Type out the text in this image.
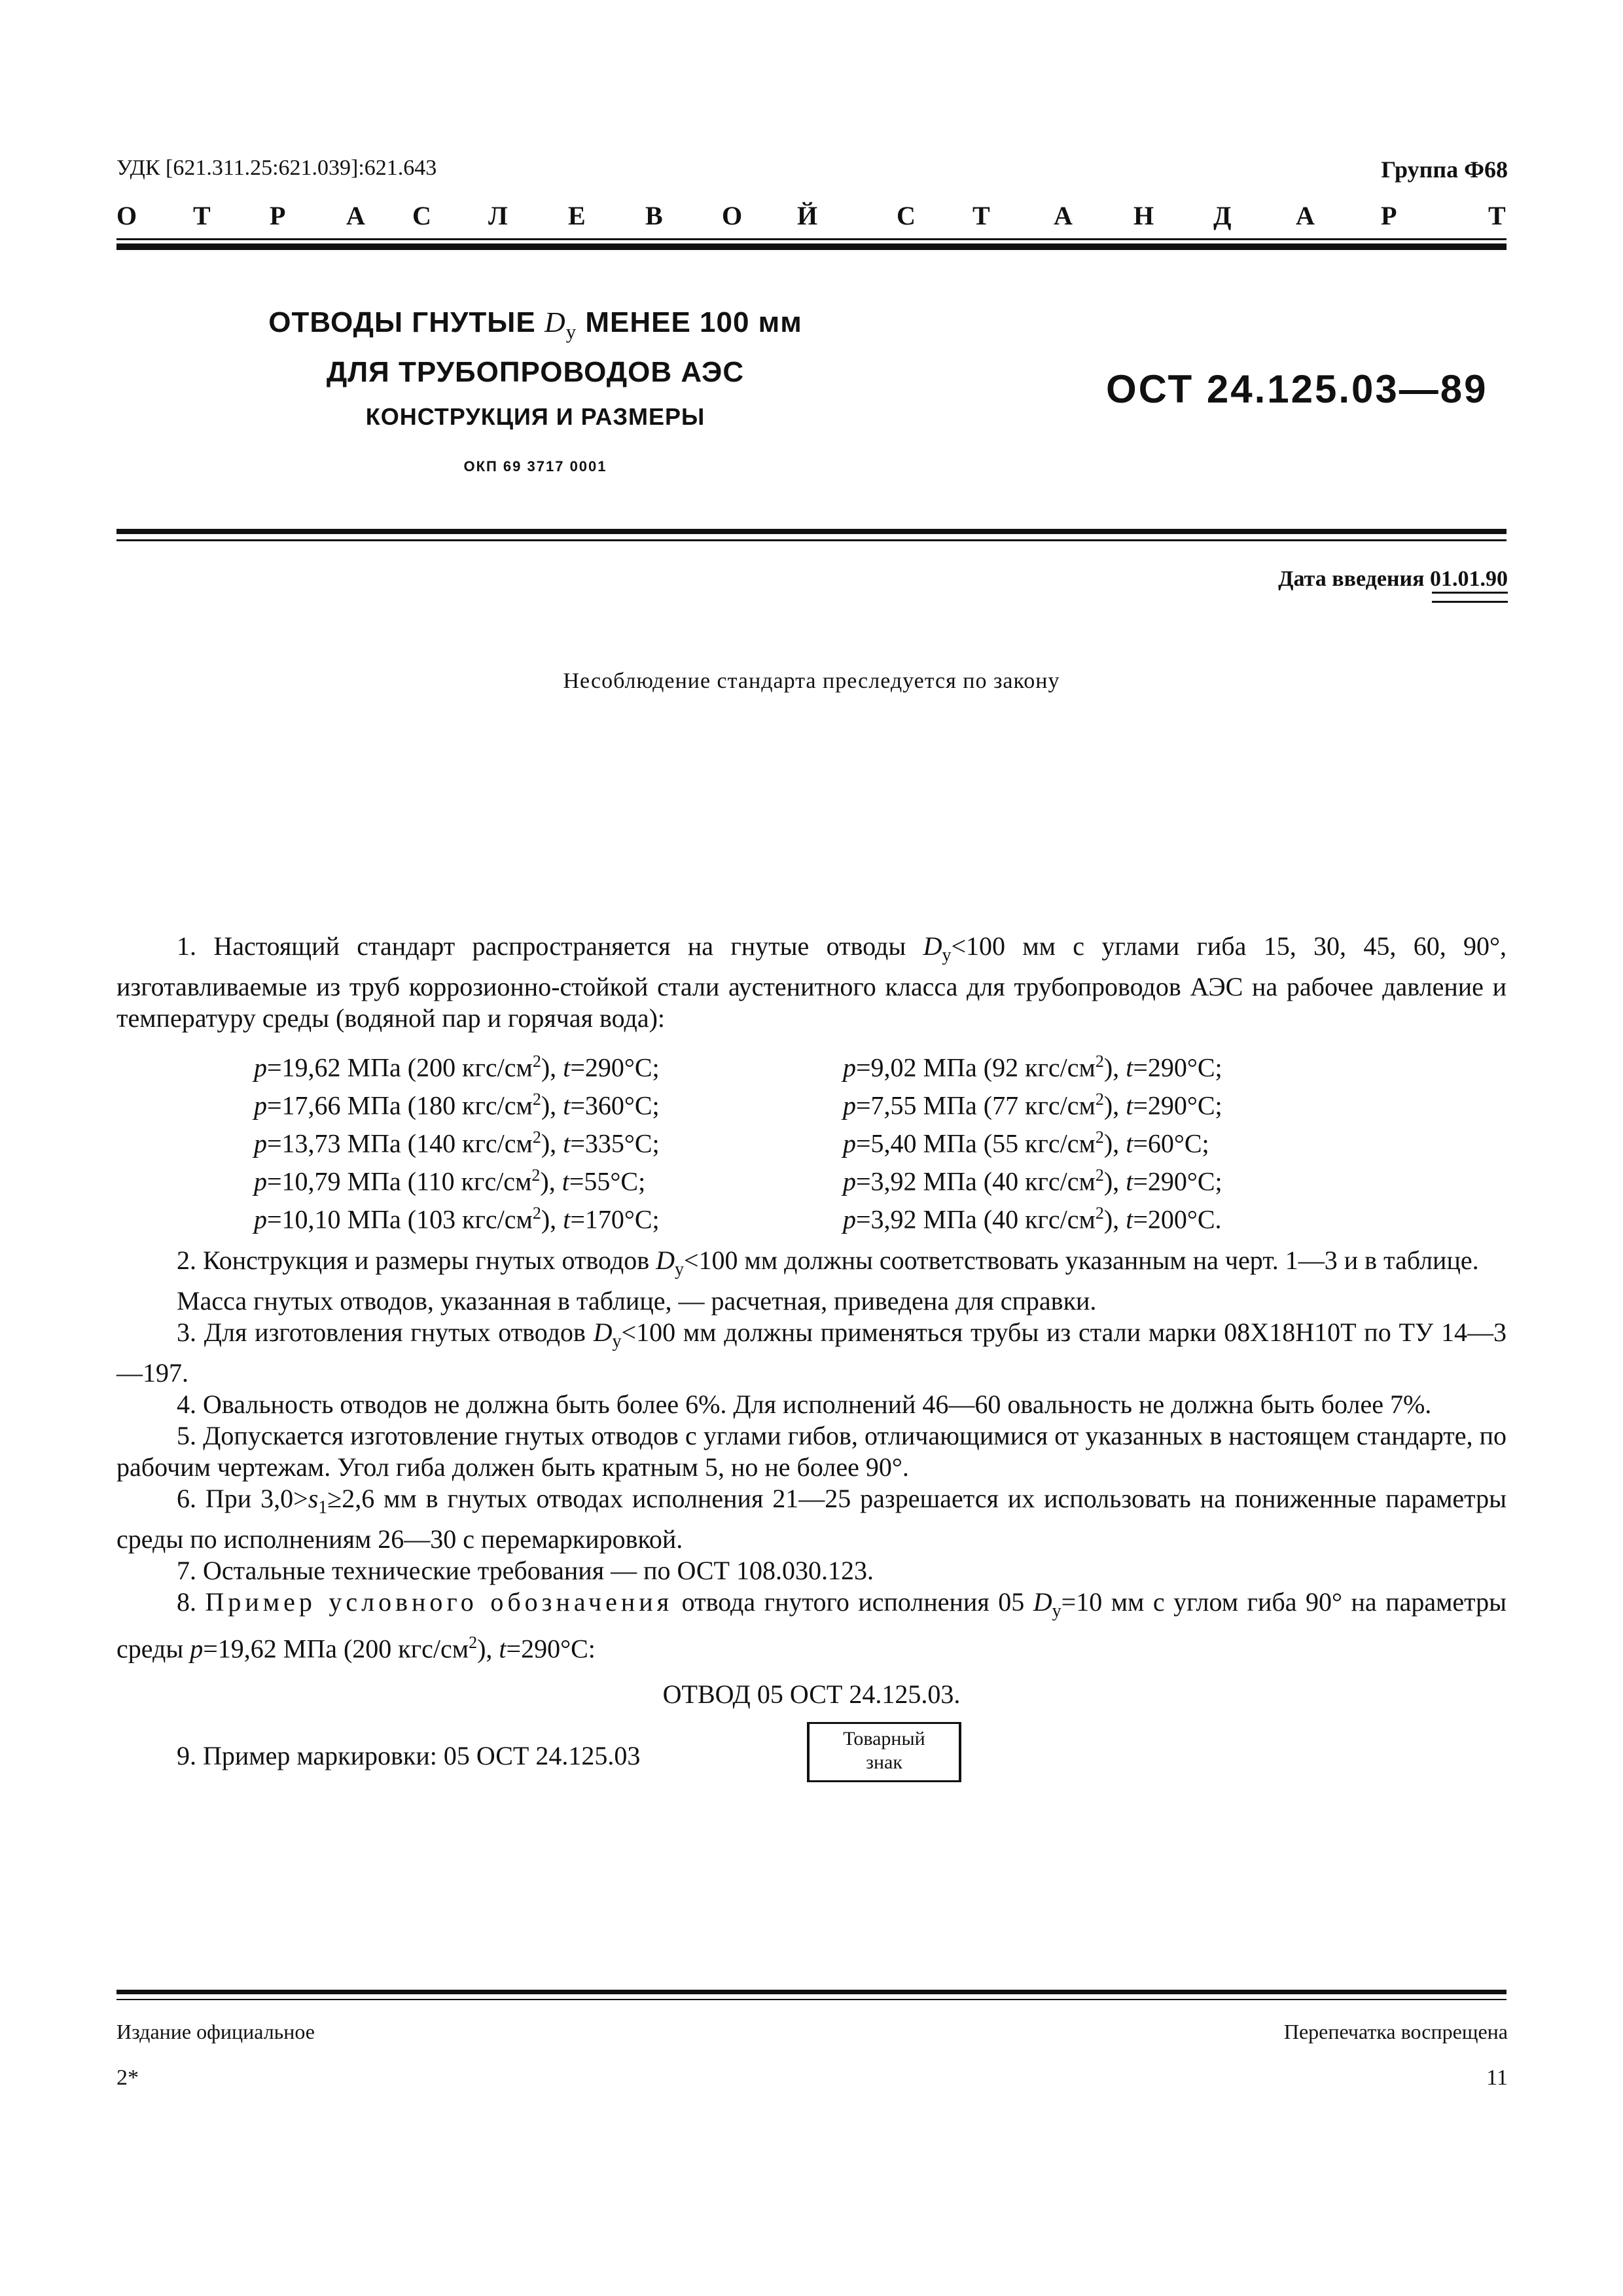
УДК [621.311.25:621.039]:621.643	Группа Ф68
О Т Р А С Л Е В О Й	С Т А Н Д А	Р	Т
ОТВОДЫ ГНУТЫЕ $D_у$ МЕНЕЕ 100 мм
ДЛЯ ТРУБОПРОВОДОВ АЭС
КОНСТРУКЦИЯ И РАЗМЕРЫ
ОКП 69 3717 0001
ОСТ 24.125.03—89
Дата введения 01.01.90
Несоблюдение стандарта преследуется по закону

1. Настоящий стандарт распространяется на гнутые отводы $D_у<100$ мм с углами гиба 15, 30, 45, 60, 90°, изготавливаемые из труб коррозионно-стойкой стали аустенитного класса для трубопроводов АЭС на рабочее давление и температуру среды (водяной пар и горячая вода):

p=19,62 МПа (200 кгс/$см^2$), t=290°С;	p=9,02 МПа (92 кгс/$см^2$), t=290°С;
p=17,66 МПа (180 кгс/$см^2$), t=360°С;	p=7,55 МПа (77 кгс/$см^2$), t=290°С;
p=13,73 МПа (140 кгс/$см^2$), t=335°С;	p=5,40 МПа (55 кгс/$см^2$), t=60°С;
p=10,79 МПа (110 кгс/$см^2$), t=55°С;	p=3,92 МПа (40 кгс/$см^2$), t=290°С;
p=10,10 МПа (103 кгс/$см^2$), t=170°С;	p=3,92 МПа (40 кгс/$см^2$), t=200°С.

2. Конструкция и размеры гнутых отводов $D_у<100$ мм должны соответствовать указанным на черт. 1—3 и в таблице.

Масса гнутых отводов, указанная в таблице, — расчетная, приведена для справки.

3. Для изготовления гнутых отводов $D_у<100$ мм должны применяться трубы из стали марки 08Х18Н10Т по ТУ 14—3—197.

4. Овальность отводов не должна быть более 6%. Для исполнений 46—60 овальность не должна быть более 7%.

5. Допускается изготовление гнутых отводов с углами гибов, отличающимися от указанных в настоящем стандарте, по рабочим чертежам. Угол гиба должен быть кратным 5, но не более 90°.

6. При $3,0>s_1\ge 2,6$ мм в гнутых отводах исполнения 21—25 разрешается их использовать на пониженные параметры среды по исполнениям 26—30 с перемаркировкой.

7. Остальные технические требования — по ОСТ 108.030.123.

8. Пример условного обозначения отвода гнутого исполнения 05 $D_у=10$ мм с углом гиба 90° на параметры среды p=19,62 МПа (200 кгс/$см^2$), t=290°С:

ОТВОД 05 ОСТ 24.125.03.
9. Пример маркировки: 05 ОСТ 24.125.03
Товарный
знак
Издание официальное	Перепечатка воспрещена
2*	11
